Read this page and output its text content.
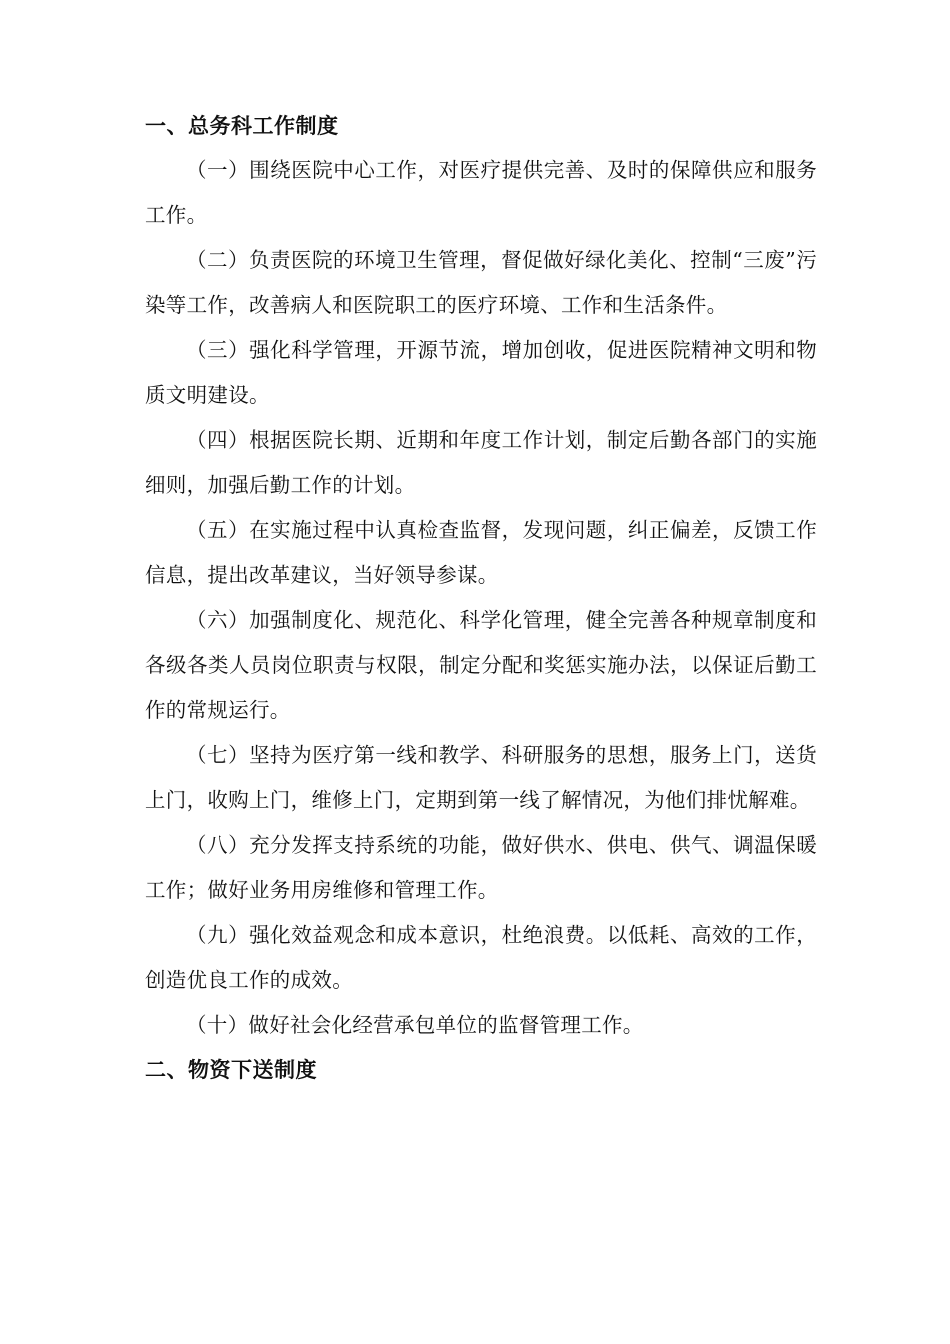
一、总务科工作制度

（一）围绕医院中心工作，对医疗提供完善、及时的保障供应和服务工作。

（二）负责医院的环境卫生管理，督促做好绿化美化、控制“三废”污染等工作，改善病人和医院职工的医疗环境、工作和生活条件。

（三）强化科学管理，开源节流，增加创收，促进医院精神文明和物质文明建设。

（四）根据医院长期、近期和年度工作计划，制定后勤各部门的实施细则，加强后勤工作的计划。

（五）在实施过程中认真检查监督，发现问题，纠正偏差，反馈工作信息，提出改革建议，当好领导参谋。

（六）加强制度化、规范化、科学化管理，健全完善各种规章制度和各级各类人员岗位职责与权限，制定分配和奖惩实施办法，以保证后勤工作的常规运行。

（七）坚持为医疗第一线和教学、科研服务的思想，服务上门，送货上门，收购上门，维修上门，定期到第一线了解情况，为他们排忧解难。

（八）充分发挥支持系统的功能，做好供水、供电、供气、调温保暖工作；做好业务用房维修和管理工作。

（九）强化效益观念和成本意识，杜绝浪费。以低耗、高效的工作，创造优良工作的成效。

（十）做好社会化经营承包单位的监督管理工作。

二、物资下送制度
